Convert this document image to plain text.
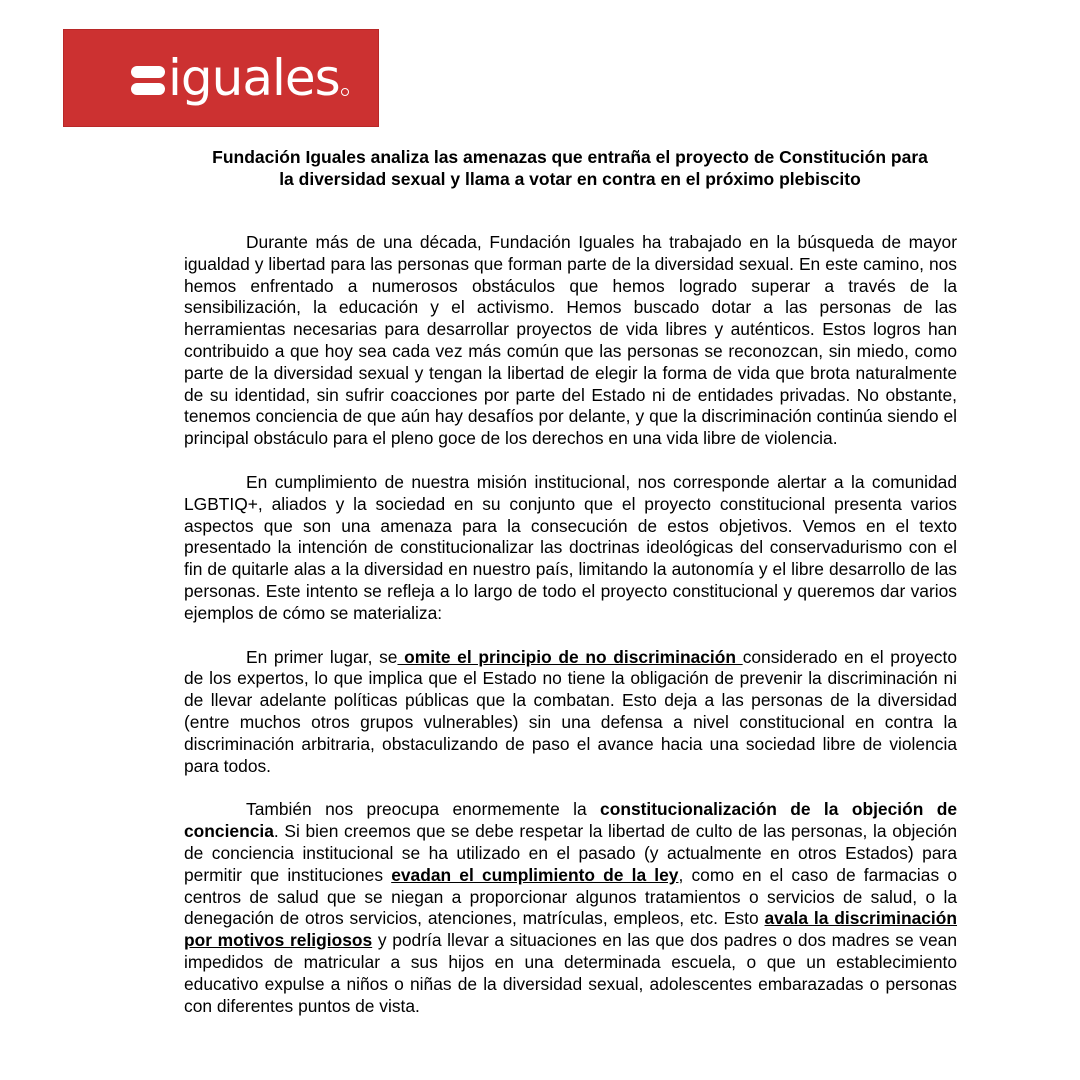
iguales
Fundación Iguales analiza las amenazas que entraña el proyecto de Constitución para
la diversidad sexual y llama a votar en contra en el próximo plebiscito

Durante más de una década, Fundación Iguales ha trabajado en la búsqueda de mayor igualdad y libertad para las personas que forman parte de la diversidad sexual. En este camino, nos hemos enfrentado a numerosos obstáculos que hemos logrado superar a través de la sensibilización, la educación y el activismo. Hemos buscado dotar a las personas de las herramientas necesarias para desarrollar proyectos de vida libres y auténticos. Estos logros han contribuido a que hoy sea cada vez más común que las personas se reconozcan, sin miedo, como parte de la diversidad sexual y tengan la libertad de elegir la forma de vida que brota naturalmente de su identidad, sin sufrir coacciones por parte del Estado ni de entidades privadas. No obstante, tenemos conciencia de que aún hay desafíos por delante, y que la discriminación continúa siendo el principal obstáculo para el pleno goce de los derechos en una vida libre de violencia.

En cumplimiento de nuestra misión institucional, nos corresponde alertar a la comunidad LGBTIQ+, aliados y la sociedad en su conjunto que el proyecto constitucional presenta varios aspectos que son una amenaza para la consecución de estos objetivos. Vemos en el texto presentado la intención de constitucionalizar las doctrinas ideológicas del conservadurismo con el fin de quitarle alas a la diversidad en nuestro país, limitando la autonomía y el libre desarrollo de las personas. Este intento se refleja a lo largo de todo el proyecto constitucional y queremos dar varios ejemplos de cómo se materializa:

En primer lugar, se omite el principio de no discriminación considerado en el proyecto de los expertos, lo que implica que el Estado no tiene la obligación de prevenir la discriminación ni de llevar adelante políticas públicas que la combatan. Esto deja a las personas de la diversidad (entre muchos otros grupos vulnerables) sin una defensa a nivel constitucional en contra la discriminación arbitraria, obstaculizando de paso el avance hacia una sociedad libre de violencia para todos.

También nos preocupa enormemente la constitucionalización de la objeción de conciencia. Si bien creemos que se debe respetar la libertad de culto de las personas, la objeción de conciencia institucional se ha utilizado en el pasado (y actualmente en otros Estados) para permitir que instituciones evadan el cumplimiento de la ley, como en el caso de farmacias o centros de salud que se niegan a proporcionar algunos tratamientos o servicios de salud, o la denegación de otros servicios, atenciones, matrículas, empleos, etc. Esto avala la discriminación por motivos religiosos y podría llevar a situaciones en las que dos padres o dos madres se vean impedidos de matricular a sus hijos en una determinada escuela, o que un establecimiento educativo expulse a niños o niñas de la diversidad sexual, adolescentes embarazadas o personas con diferentes puntos de vista.
